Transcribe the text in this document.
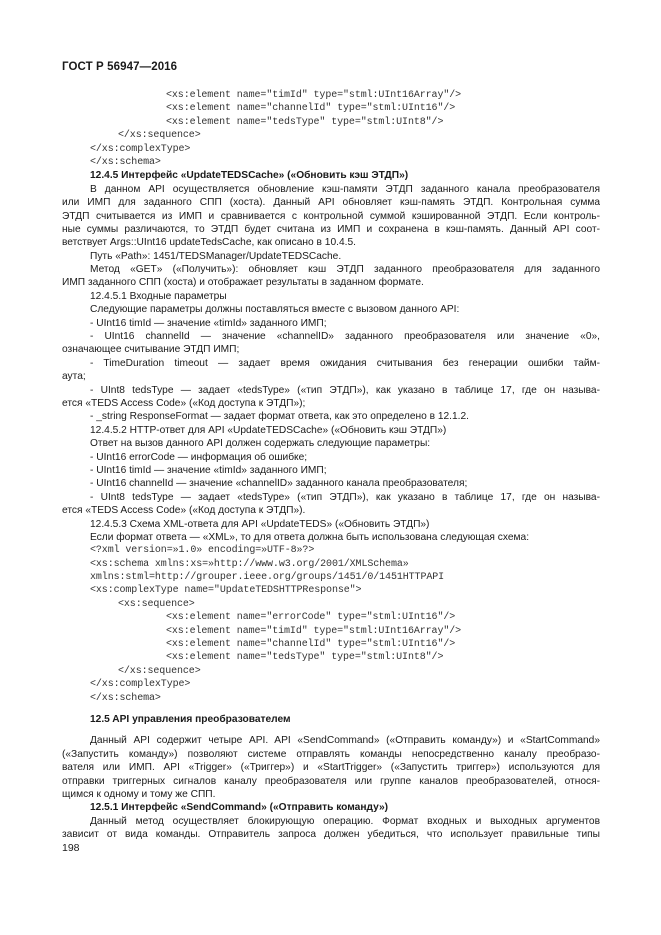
ГОСТ Р 56947—2016
<xs:element name="timId" type="stml:UInt16Array"/>
<xs:element name="channelId" type="stml:UInt16"/>
<xs:element name="tedsType" type="stml:UInt8"/>
</xs:sequence>
</xs:complexType>
</xs:schema>
12.4.5 Интерфейс «UpdateTEDSCache» («Обновить кэш ЭТДП»)
В данном API осуществляется обновление кэш-памяти ЭТДП заданного канала преобразователя
или ИМП для заданного СПП (хоста). Данный API обновляет кэш-память ЭТДП. Контрольная сумма
ЭТДП считывается из ИМП и сравнивается с контрольной суммой кэшированной ЭТДП. Если контроль-
ные суммы различаются, то ЭТДП будет считана из ИМП и сохранена в кэш-память. Данный API соот-
ветствует Args::UInt16 updateTedsCache, как описано в 10.4.5.
Путь «Path»: 1451/TEDSManager/UpdateTEDSCache.
Метод «GET» («Получить»): обновляет кэш ЭТДП заданного преобразователя для заданного
ИМП заданного СПП (хоста) и отображает результаты в заданном формате.
12.4.5.1 Входные параметры
Следующие параметры должны поставляться вместе с вызовом данного API:
- UInt16 timId — значение «timId» заданного ИМП;
- UInt16 channelId — значение «channelID» заданного преобразователя или значение «0»,
означающее считывание ЭТДП ИМП;
- TimeDuration timeout — задает время ожидания считывания без генерации ошибки тайм-
аута;
- UInt8 tedsType — задает «tedsType» («тип ЭТДП»), как указано в таблице 17, где он называ-
ется «TEDS Access Code» («Код доступа к ЭТДП»);
- _string ResponseFormat — задает формат ответа, как это определено в 12.1.2.
12.4.5.2 HTTP-ответ для API «UpdateTEDSCache» («Обновить кэш ЭТДП»)
Ответ на вызов данного API должен содержать следующие параметры:
- UInt16 errorCode — информация об ошибке;
- UInt16 timId — значение «timId» заданного ИМП;
- UInt16 channelId — значение «channelID» заданного канала преобразователя;
- UInt8 tedsType — задает «tedsType» («тип ЭТДП»), как указано в таблице 17, где он называ-
ется «TEDS Access Code» («Код доступа к ЭТДП»).
12.4.5.3 Схема XML-ответа для API «UpdateTEDS» («Обновить ЭТДП»)
Если формат ответа — «XML», то для ответа должна быть использована следующая схема:
<?xml version=»1.0» encoding=»UTF-8»?>
<xs:schema xmlns:xs=»http://www.w3.org/2001/XMLSchema»
xmlns:stml=http://grouper.ieee.org/groups/1451/0/1451HTTPAPI
<xs:complexType name="UpdateTEDSHTTPResponse">
<xs:sequence>
<xs:element name="errorCode" type="stml:UInt16"/>
<xs:element name="timId" type="stml:UInt16Array"/>
<xs:element name="channelId" type="stml:UInt16"/>
<xs:element name="tedsType" type="stml:UInt8"/>
</xs:sequence>
</xs:complexType>
</xs:schema>
12.5 API управления преобразователем
Данный API содержит четыре API. API «SendCommand» («Отправить команду») и «StartCommand»
(«Запустить команду») позволяют системе отправлять команды непосредственно каналу преобразо-
вателя или ИМП. API «Trigger» («Триггер») и «StartTrigger» («Запустить триггер») используются для
отправки триггерных сигналов каналу преобразователя или группе каналов преобразователей, относя-
щимся к одному и тому же СПП.
12.5.1 Интерфейс «SendCommand» («Отправить команду»)
Данный метод осуществляет блокирующую операцию. Формат входных и выходных аргументов
зависит от вида команды. Отправитель запроса должен убедиться, что использует правильные типы
198
